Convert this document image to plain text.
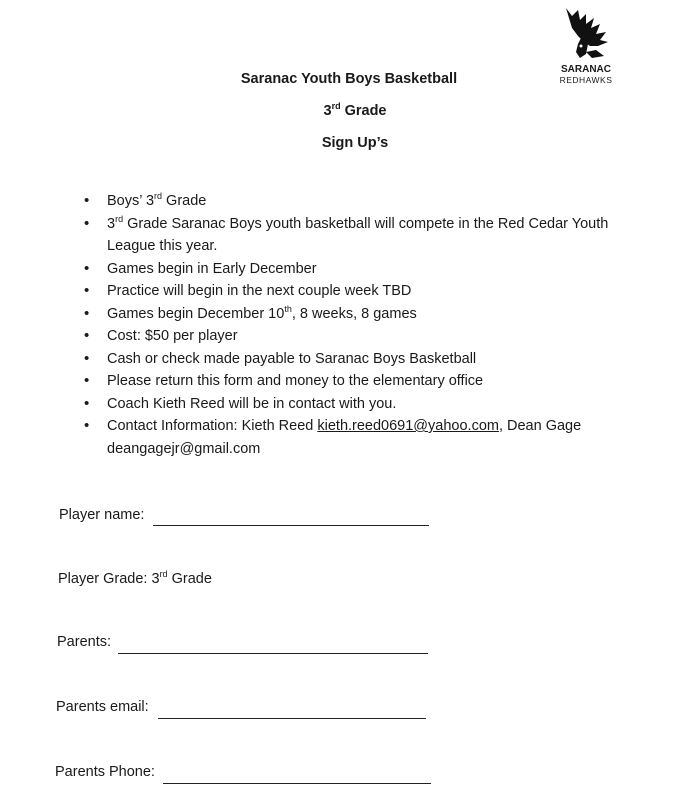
SARANAC
REDHAWKS
Saranac Youth Boys Basketball
3rd Grade
Sign Up’s
• Boys’ 3rd Grade
• 3rd Grade Saranac Boys youth basketball will compete in the Red Cedar Youth League this year.
• Games begin in Early December
• Practice will begin in the next couple week TBD
• Games begin December 10th, 8 weeks, 8 games
• Cost: $50 per player
• Cash or check made payable to Saranac Boys Basketball
• Please return this form and money to the elementary office
• Coach Kieth Reed will be in contact with you.
• Contact Information: Kieth Reed kieth.reed0691@yahoo.com, Dean Gage deangagejr@gmail.com
Player name:
Player Grade: 3rd Grade
Parents:
Parents email:
Parents Phone:
